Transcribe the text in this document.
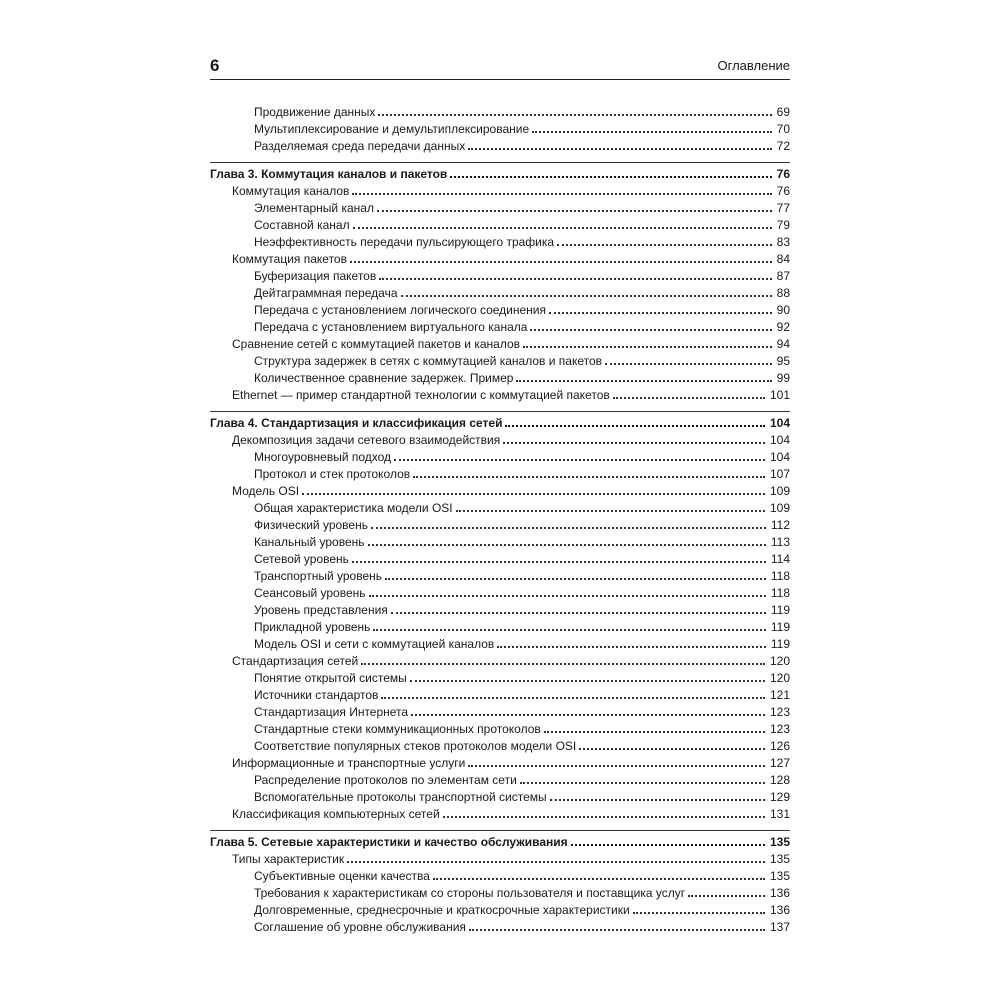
6	Оглавление
Продвижение данных	69
Мультиплексирование и демультиплексирование	70
Разделяемая среда передачи данных	72
Глава 3. Коммутация каналов и пакетов	76
Коммутация каналов	76
Элементарный канал	77
Составной канал	79
Неэффективность передачи пульсирующего трафика	83
Коммутация пакетов	84
Буферизация пакетов	87
Дейтаграммная передача	88
Передача с установлением логического соединения	90
Передача с установлением виртуального канала	92
Сравнение сетей с коммутацией пакетов и каналов	94
Структура задержек в сетях с коммутацией каналов и пакетов	95
Количественное сравнение задержек. Пример	99
Ethernet — пример стандартной технологии с коммутацией пакетов	101
Глава 4. Стандартизация и классификация сетей	104
Декомпозиция задачи сетевого взаимодействия	104
Многоуровневый подход	104
Протокол и стек протоколов	107
Модель OSI	109
Общая характеристика модели OSI	109
Физический уровень	112
Канальный уровень	113
Сетевой уровень	114
Транспортный уровень	118
Сеансовый уровень	118
Уровень представления	119
Прикладной уровень	119
Модель OSI и сети с коммутацией каналов	119
Стандартизация сетей	120
Понятие открытой системы	120
Источники стандартов	121
Стандартизация Интернета	123
Стандартные стеки коммуникационных протоколов	123
Соответствие популярных стеков протоколов модели OSI	126
Информационные и транспортные услуги	127
Распределение протоколов по элементам сети	128
Вспомогательные протоколы транспортной системы	129
Классификация компьютерных сетей	131
Глава 5. Сетевые характеристики и качество обслуживания	135
Типы характеристик	135
Субъективные оценки качества	135
Требования к характеристикам со стороны пользователя и поставщика услуг	136
Долговременные, среднесрочные и краткосрочные характеристики	136
Соглашение об уровне обслуживания	137
